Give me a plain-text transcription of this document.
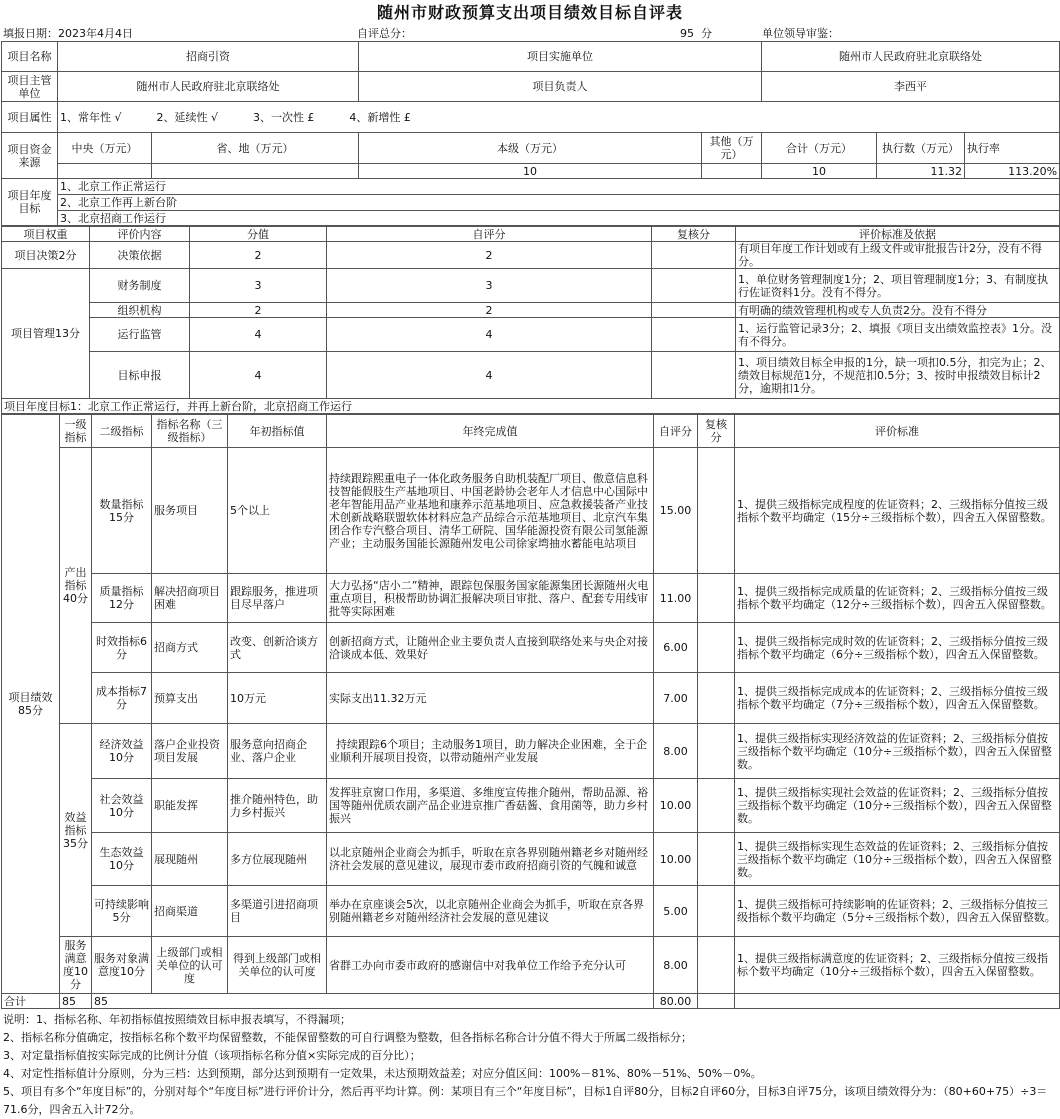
随州市财政预算支出项目绩效目标自评表
填报日期：2023年4月4日	自评总分：	95 分	单位领导审鉴：
项目名称	招商引资		项目实施单位		随州市人民政府驻北京联络处		
项目主管单位	随州市人民政府驻北京联络处		项目负责人		李西平		
项目属性	1、常年性 √          2、延续性 √          3、一次性 £          4、新增性 £						
项目资金来源	中央（万元）	省、地（万元）	本级（万元）	其他（万元）	合计（万元）	执行数（万元）	执行率
			10		10	11.32	113.20%
项目年度目标	1、北京工作正常运行						
	2、北京工作再上新台阶						
	3、北京招商工作运行						
项目权重	评价内容	分值	自评分	复核分	评价标准及依据
项目决策2分	决策依据	2	2		有项目年度工作计划或有上级文件或审批报告计2分，没有不得分。
项目管理13分	财务制度	3	3		1、单位财务管理制度1分；2、项目管理制度1分；3、有制度执行佐证资料1分。没有不得分。
	组织机构	2	2		有明确的绩效管理机构或专人负责2分。没有不得分
	运行监管	4	4		1、运行监管记录3分；2、填报《项目支出绩效监控表》1分。没有不得分。
	目标申报	4	4		1、项目绩效目标全申报的1分，缺一项扣0.5分，扣完为止；2、绩效目标规范1分，不规范扣0.5分；3、按时申报绩效目标计2分，逾期扣1分。
项目年度目标1：北京工作正常运行，并再上新台阶，北京招商工作运行					
项目绩效85分	一级指标	二级指标	指标名称（三级指标）	年初指标值	年终完成值	自评分	复核分	评价标准
	产出指标40分	数量指标15分	服务项目	5个以上	持续跟踪熙重电子一体化政务服务自助机装配厂项目、傲意信息科技智能假肢生产基地项目、中国老龄协会老年人才信息中心国际中老年智能用品产业基地和康养示范基地项目、应急救援装备产业技术创新战略联盟软体材料应急产品综合示范基地项目、北京汽车集团合作专汽整合项目、清华工研院、国华能源投资有限公司氢能源产业；主动服务国能长源随州发电公司徐家塆抽水蓄能电站项目	15.00		1、提供三级指标完成程度的佐证资料；2、三级指标分值按三级指标个数平均确定（15分÷三级指标个数），四舍五入保留整数。
		质量指标12分	解决招商项目困难	跟踪服务，推进项目尽早落户	大力弘扬“店小二”精神，跟踪包保服务国家能源集团长源随州火电重点项目，积极帮助协调汇报解决项目审批、落户、配套专用线审批等实际困难	11.00		1、提供三级指标完成质量的佐证资料；2、三级指标分值按三级指标个数平均确定（12分÷三级指标个数），四舍五入保留整数。
		时效指标6分	招商方式	改变、创新洽谈方式	创新招商方式，让随州企业主要负责人直接到联络处来与央企对接洽谈成本低、效果好	6.00		1、提供三级指标完成时效的佐证资料；2、三级指标分值按三级指标个数平均确定（6分÷三级指标个数），四舍五入保留整数。
		成本指标7分	预算支出	10万元	实际支出11.32万元	7.00		1、提供三级指标完成成本的佐证资料；2、三级指标分值按三级指标个数平均确定（7分÷三级指标个数），四舍五入保留整数。
	效益指标35分	经济效益10分	落户企业投资项目发展	服务意向招商企业、落户企业	持续跟踪6个项目；主动服务1项目，助力解决企业困难，全于企业顺利开展项目投资，以带动随州产业发展	8.00		1、提供三级指标实现经济效益的佐证资料；2、三级指标分值按三级指标个数平均确定（10分÷三级指标个数），四舍五入保留整数。
		社会效益10分	职能发挥	推介随州特色，助力乡村振兴	发挥驻京窗口作用，多渠道、多维度宣传推介随州，帮助品源、裕国等随州优质农副产品企业进京推广香菇酱、食用菌等，助力乡村振兴	10.00		1、提供三级指标实现社会效益的佐证资料；2、三级指标分值按三级指标个数平均确定（10分÷三级指标个数），四舍五入保留整数。
		生态效益10分	展现随州	多方位展现随州	以北京随州企业商会为抓手，听取在京各界别随州籍老乡对随州经济社会发展的意见建议，展现市委市政府招商引资的气魄和诚意	10.00		1、提供三级指标实现生态效益的佐证资料；2、三级指标分值按三级指标个数平均确定（10分÷三级指标个数），四舍五入保留整数。
		可持续影响5分	招商渠道	多渠道引进招商项目	举办在京座谈会5次，以北京随州企业商会为抓手，听取在京各界别随州籍老乡对随州经济社会发展的意见建议	5.00		1、提供三级指标可持续影响的佐证资料；2、三级指标分值按三级指标个数平均确定（5分÷三级指标个数），四舍五入保留整数。
	服务满意度10分	服务对象满意度10分	上级部门或相关单位的认可度	得到上级部门或相关单位的认可度	省群工办向市委市政府的感谢信中对我单位工作给予充分认可	8.00		1、提供三级指标满意度的佐证资料；2、三级指标分值按三级指标个数平均确定（10分÷三级指标个数），四舍五入保留整数。
合计	85	85				80.00		
说明：1、指标名称、年初指标值按照绩效目标申报表填写，不得漏项；
2、指标名称分值确定，按指标名称个数平均保留整数，不能保留整数的可自行调整为整数，但各指标名称合计分值不得大于所属二级指标分；
3、对定量指标值按实际完成的比例计分值（该项指标名称分值×实际完成的百分比）；
4、对定性指标值计分原则，分为三档：达到预期，部分达到预期有一定效果，未达预期效益差；对应分值区间：100%－81%、80%－51%、50%－0%。
5、项目有多个“年度目标”的，分别对每个“年度目标”进行评价计分，然后再平均计算。例：某项目有三个“年度目标”，目标1自评80分，目标2自评60分，目标3自评75分，该项目绩效得分为：（80+60+75）÷3＝71.6分，四舍五入计72分。
